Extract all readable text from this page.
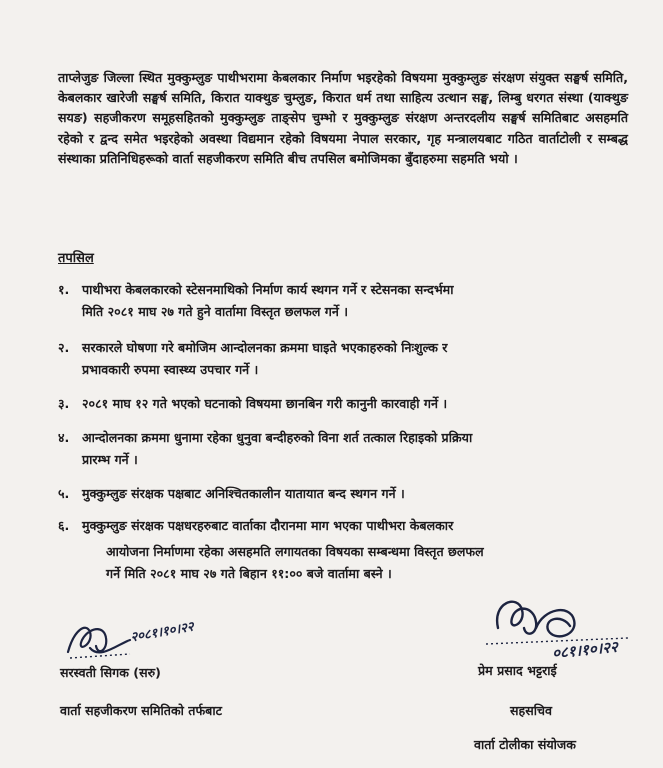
ताप्लेजुङ जिल्ला स्थित मुक्कुम्लुङ पाथीभरामा केबलकार निर्माण भइरहेको विषयमा मुक्कुम्लुङ संरक्षण संयुक्त सङ्घर्ष समिति, केबलकार खारेजी सङ्घर्ष समिति, किरात याक्थुङ चुम्लुङ, किरात धर्म तथा साहित्य उत्थान सङ्घ, लिम्बु धरगत संस्था (याक्थुङ सयङ) सहजीकरण समूहसहितको मुक्कुम्लुङ ताङ्सेप चुम्भो र मुक्कुम्लुङ संरक्षण अन्तरदलीय सङ्घर्ष समितिबाट असहमति रहेको र द्वन्द समेत भइरहेको अवस्था विद्यमान रहेको विषयमा नेपाल सरकार, गृह मन्त्रालयबाट गठित वार्ताटोली र सम्बद्ध संस्थाका प्रतिनिधिहरूको वार्ता सहजीकरण समिति बीच तपसिल बमोजिमका बुँदाहरुमा सहमति भयो ।
तपसिल
१. पाथीभरा केबलकारको स्टेसनमाथिको निर्माण कार्य स्थगन गर्ने र स्टेसनका सन्दर्भमा
मिति २०८१ माघ २७ गते हुने वार्तामा विस्तृत छलफल गर्ने ।
२. सरकारले घोषणा गरे बमोजिम आन्दोलनका क्रममा घाइते भएकाहरुको निःशुल्क र
प्रभावकारी रुपमा स्वास्थ्य उपचार गर्ने ।
३. २०८१ माघ १२ गते भएको घटनाको विषयमा छानबिन गरी कानुनी कारवाही गर्ने ।
४. आन्दोलनका क्रममा धुनामा रहेका धुनुवा बन्दीहरुको विना शर्त तत्काल रिहाइको प्रक्रिया
प्रारम्भ गर्ने ।
५. मुक्कुम्लुङ संरक्षक पक्षबाट अनिश्चितकालीन यातायात बन्द स्थगन गर्ने ।
६. मुक्कुम्लुङ संरक्षक पक्षधरहरुबाट वार्ताका दौरानमा माग भएका पाथीभरा केबलकार
आयोजना निर्माणमा रहेका असहमति लगायतका विषयका सम्बन्धमा विस्तृत छलफल
गर्ने मिति २०८१ माघ २७ गते बिहान ११:०० बजे वार्तामा बस्ने ।
२०८१।१०।२२
सरस्वती सिगक (सरु)
वार्ता सहजीकरण समितिको तर्फबाट
०८१।१०।२२
प्रेम प्रसाद भट्टराई
सहसचिव
वार्ता टोलीका संयोजक
